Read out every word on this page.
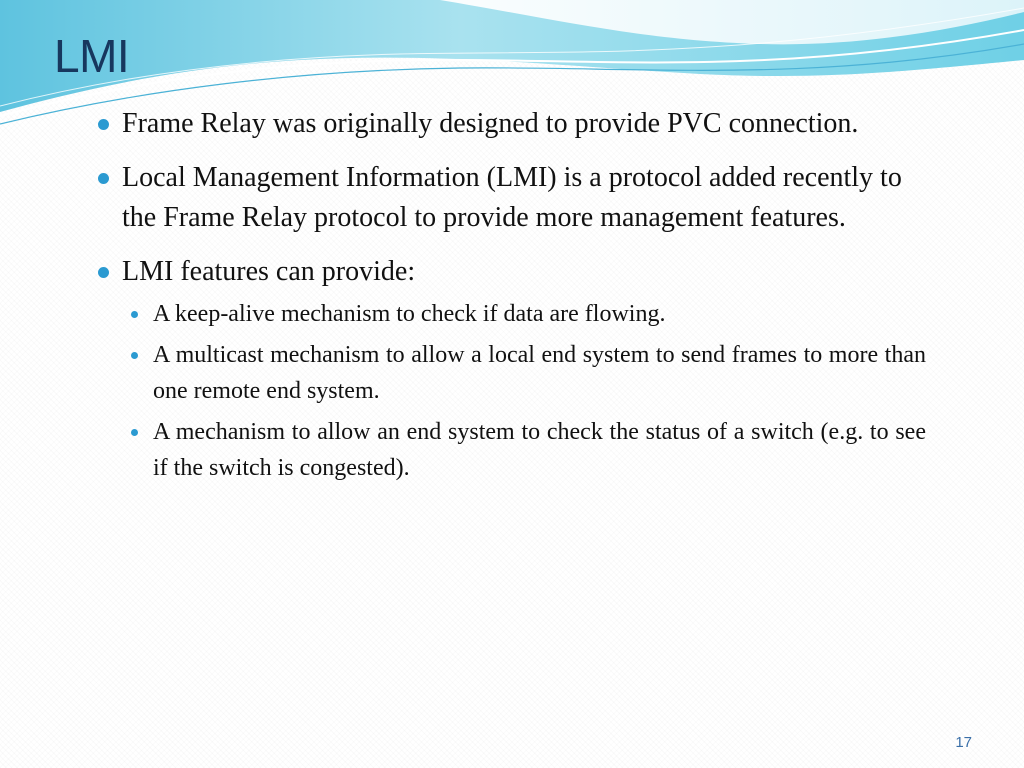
LMI
Frame Relay was originally designed to provide PVC connection.
Local Management Information (LMI) is a protocol added recently to the Frame Relay protocol to provide more management features.
LMI features can provide:
A keep-alive mechanism to check if data are flowing.
A multicast mechanism to allow a local end system to send frames to more than one remote end system.
A mechanism to allow an end system to check the status of a switch (e.g. to see if the switch is congested).
17
